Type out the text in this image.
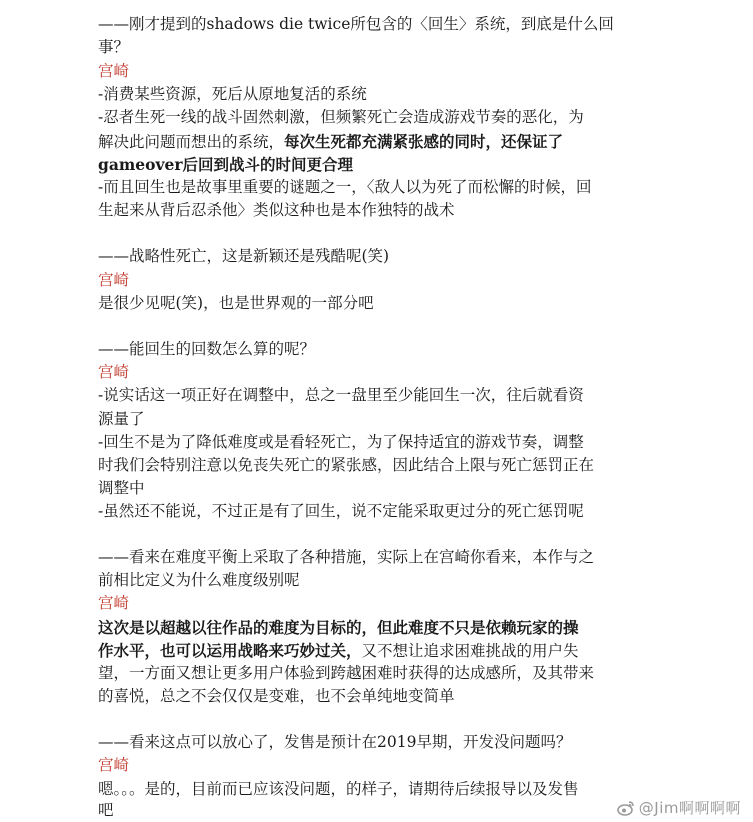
——刚才提到的shadows die twice所包含的〈回生〉系统，到底是什么回
事？
宫崎
-消费某些资源，死后从原地复活的系统
-忍者生死一线的战斗固然刺激，但频繁死亡会造成游戏节奏的恶化，为
解决此问题而想出的系统，每次生死都充满紧张感的同时，还保证了
gameover后回到战斗的时间更合理
-而且回生也是故事里重要的谜题之一，〈敌人以为死了而松懈的时候，回
生起来从背后忍杀他〉类似这种也是本作独特的战术
——战略性死亡，这是新颖还是残酷呢(笑)
宫崎
是很少见呢(笑)，也是世界观的一部分吧
——能回生的回数怎么算的呢？
宫崎
-说实话这一项正好在调整中，总之一盘里至少能回生一次，往后就看资
源量了
-回生不是为了降低难度或是看轻死亡，为了保持适宜的游戏节奏，调整
时我们会特别注意以免丧失死亡的紧张感，因此结合上限与死亡惩罚正在
调整中
-虽然还不能说，不过正是有了回生，说不定能采取更过分的死亡惩罚呢
——看来在难度平衡上采取了各种措施，实际上在宫崎你看来，本作与之
前相比定义为什么难度级别呢
宫崎
这次是以超越以往作品的难度为目标的，但此难度不只是依赖玩家的操
作水平，也可以运用战略来巧妙过关，又不想让追求困难挑战的用户失
望，一方面又想让更多用户体验到跨越困难时获得的达成感所，及其带来
的喜悦，总之不会仅仅是变难，也不会单纯地变简单
——看来这点可以放心了，发售是预计在2019早期，开发没问题吗？
宫崎
嗯。。。是的，目前而已应该没问题，的样子，请期待后续报导以及发售
吧	@Jim啊啊啊啊
